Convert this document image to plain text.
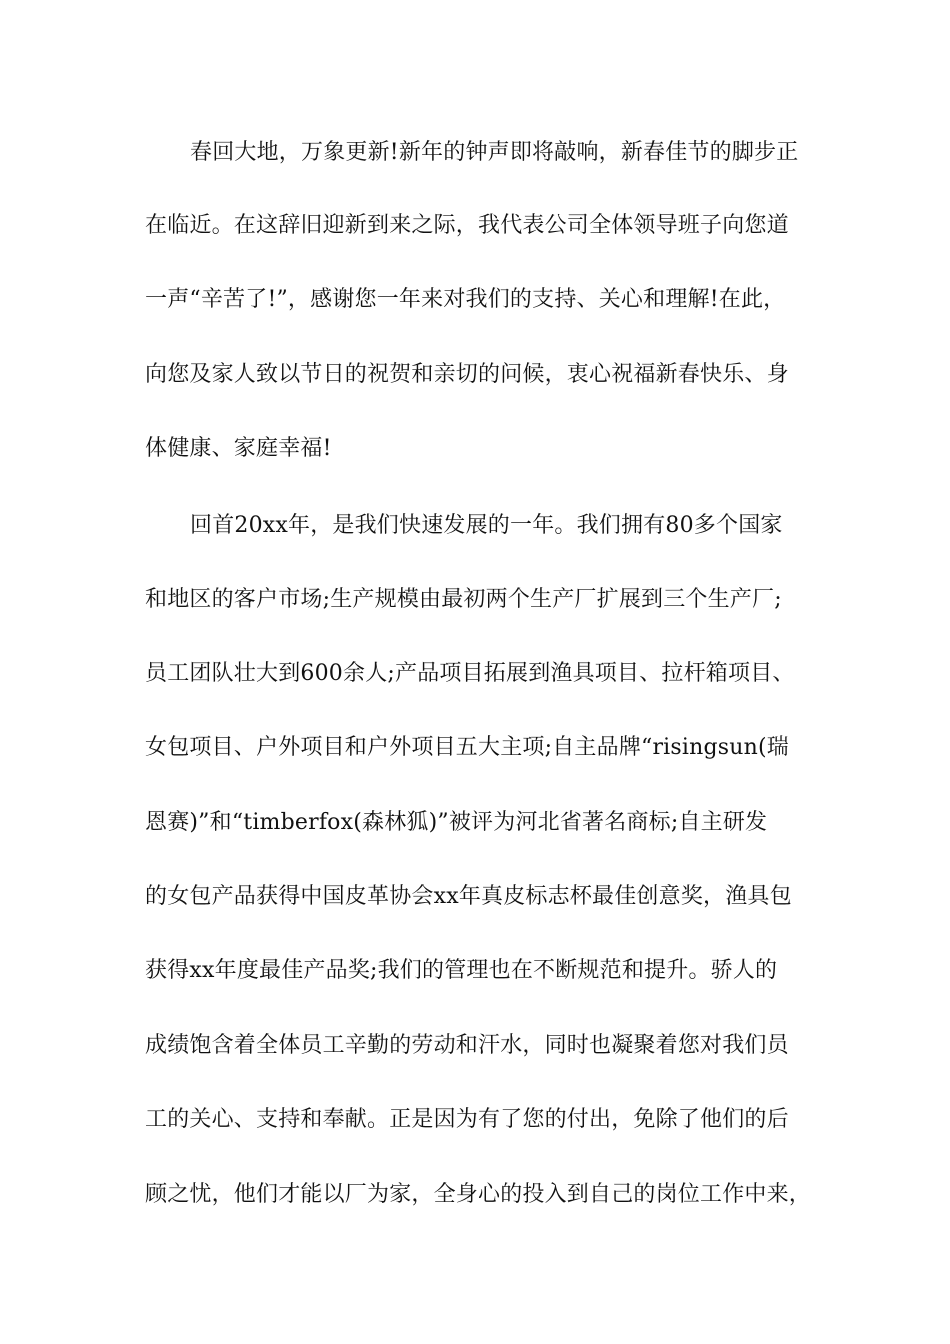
春回大地，万象更新!新年的钟声即将敲响，新春佳节的脚步正
在临近。在这辞旧迎新到来之际，我代表公司全体领导班子向您道
一声“辛苦了!”，感谢您一年来对我们的支持、关心和理解!在此，
向您及家人致以节日的祝贺和亲切的问候，衷心祝福新春快乐、身
体健康、家庭幸福!
回首20xx年，是我们快速发展的一年。我们拥有80多个国家
和地区的客户市场;生产规模由最初两个生产厂扩展到三个生产厂;
员工团队壮大到600余人;产品项目拓展到渔具项目、拉杆箱项目、
女包项目、户外项目和户外项目五大主项;自主品牌“risingsun(瑞
恩赛)”和“timberfox(森林狐)”被评为河北省著名商标;自主研发
的女包产品获得中国皮革协会xx年真皮标志杯最佳创意奖，渔具包
获得xx年度最佳产品奖;我们的管理也在不断规范和提升。骄人的
成绩饱含着全体员工辛勤的劳动和汗水，同时也凝聚着您对我们员
工的关心、支持和奉献。正是因为有了您的付出，免除了他们的后
顾之忧，他们才能以厂为家，全身心的投入到自己的岗位工作中来，
